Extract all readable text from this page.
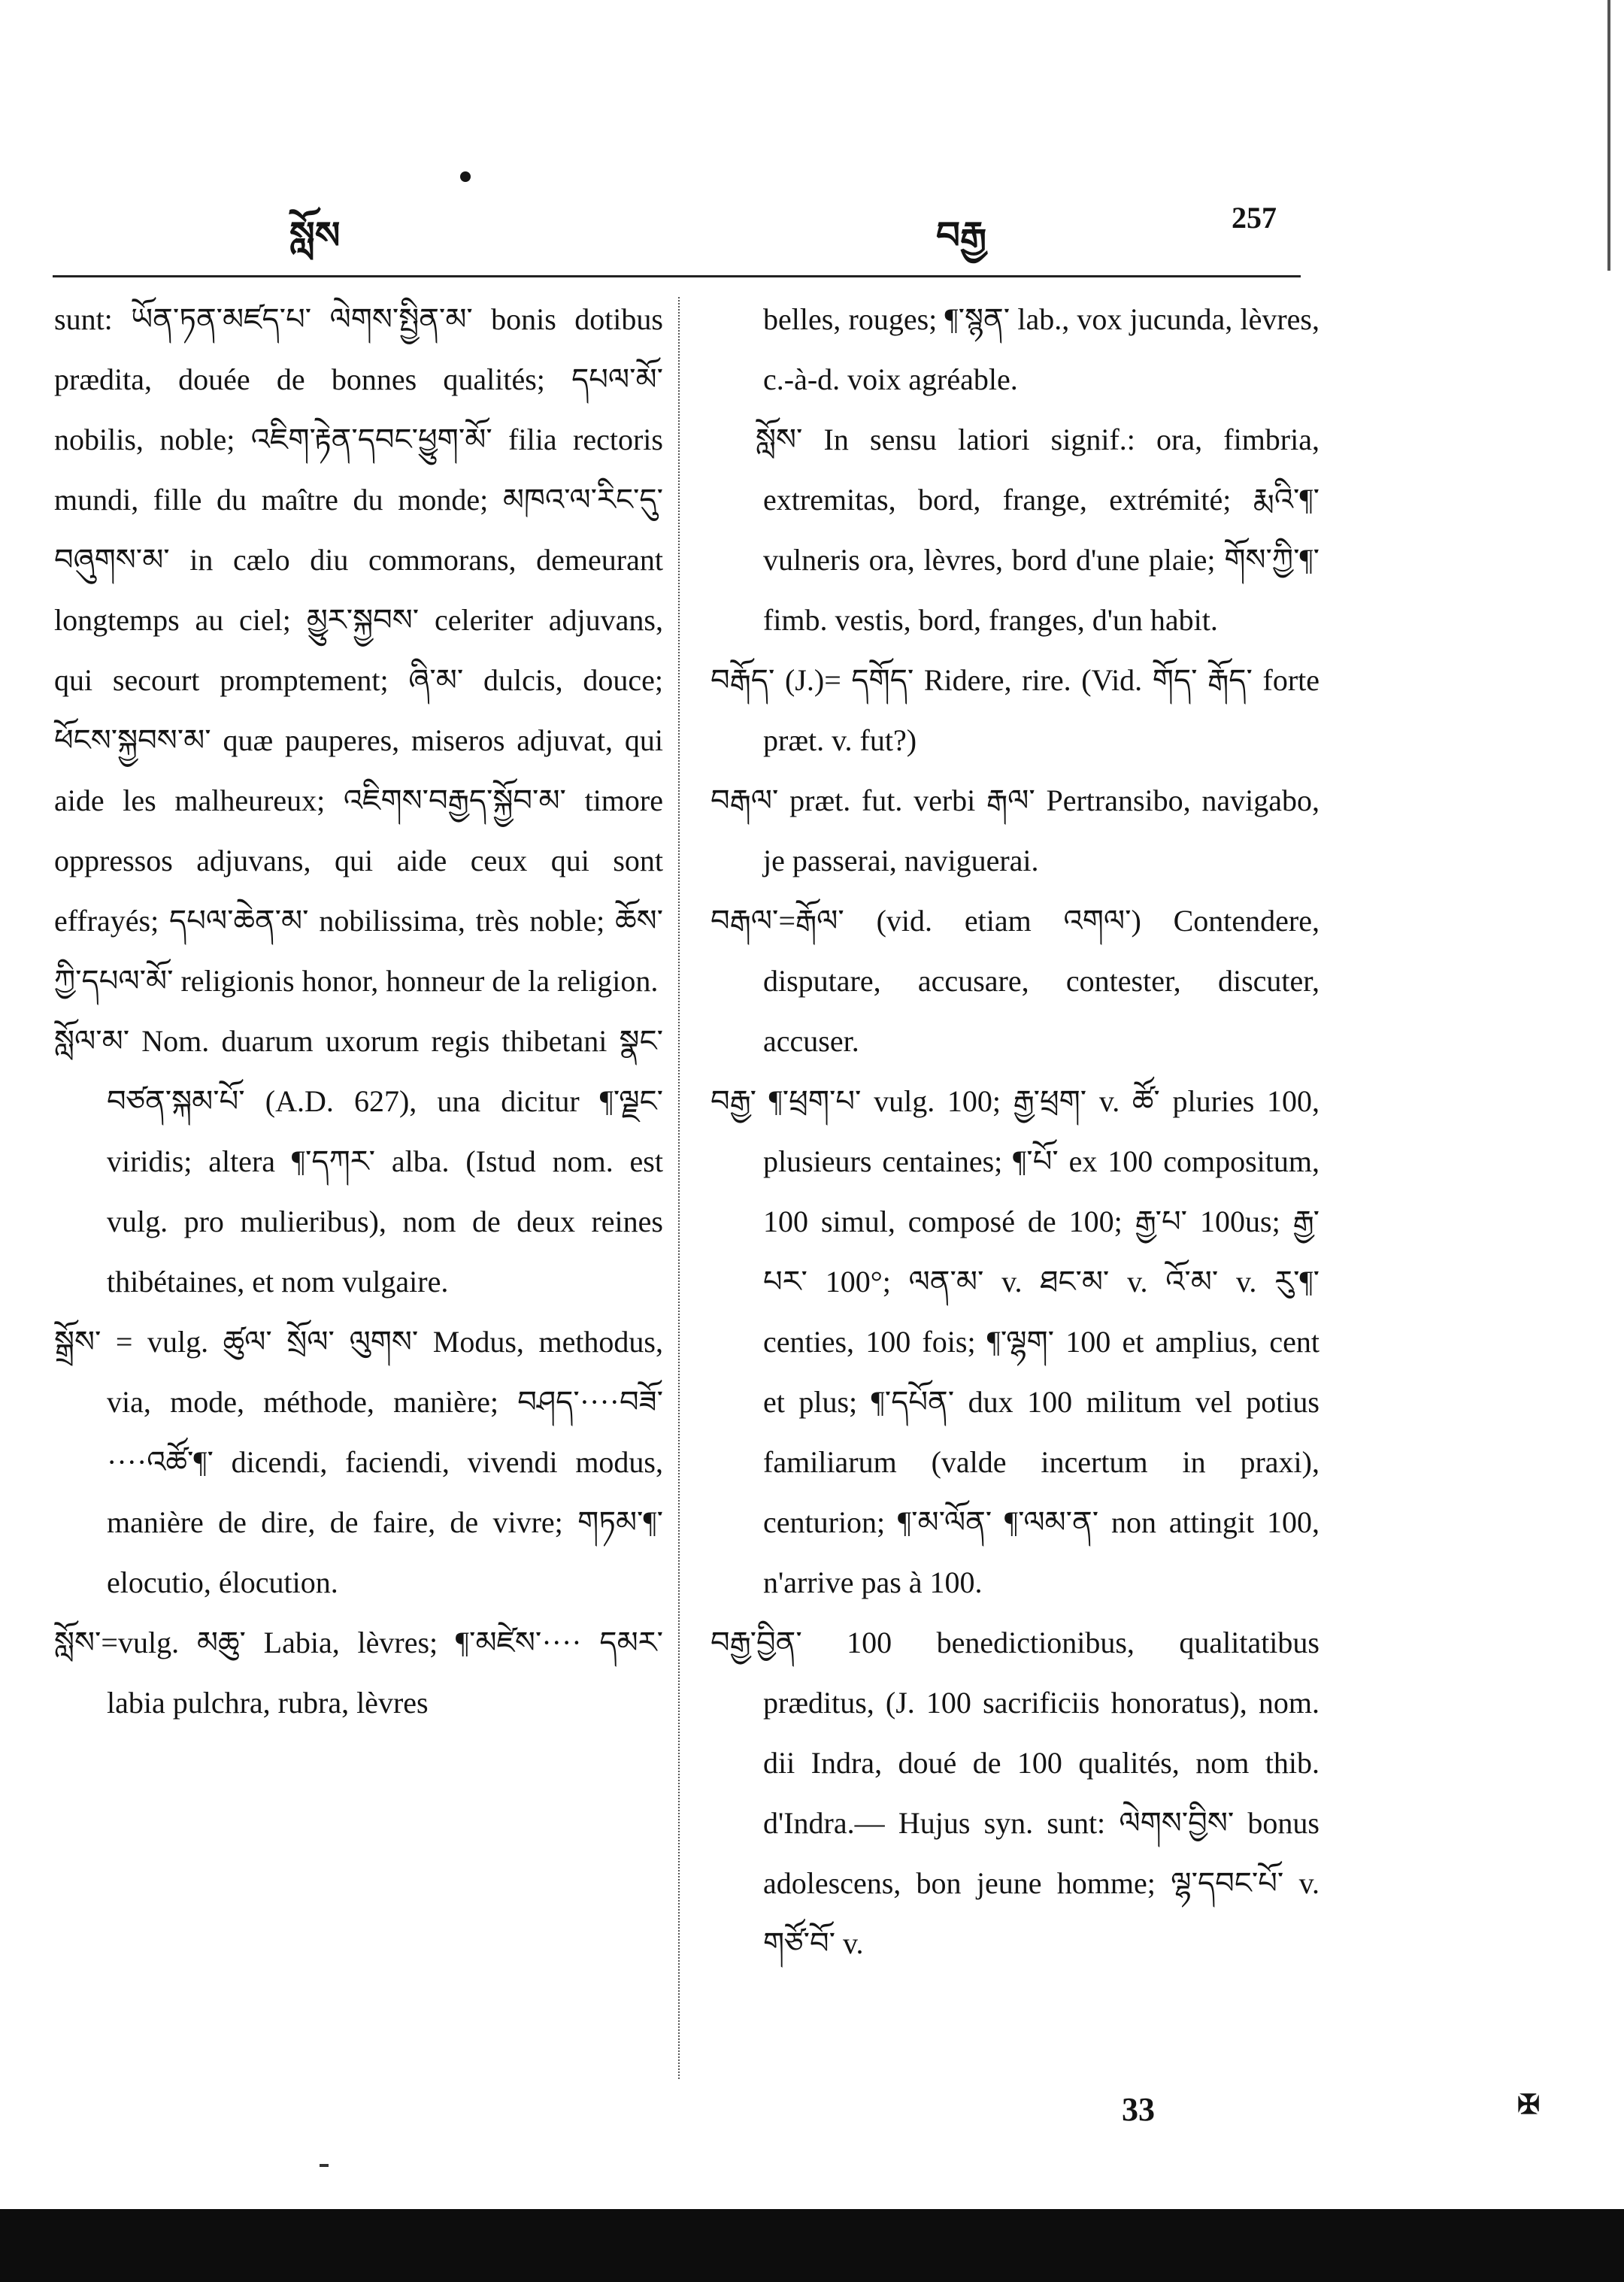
སློས	བརྒྱ	257

sunt: ཡོན་ཏན་མཛད་པ་ ལེགས་སྤྱིན་མ་ bonis dotibus prædita, douée de bonnes qualités; དཔལ་མོ་ nobilis, noble; འཇིག་རྟེན་དབང་ཕྱུག་མོ་ filia rectoris mundi, fille du maître du monde; མཁའ་ལ་རིང་དུ་བཞུགས་མ་ in cælo diu commorans, demeurant longtemps au ciel; མྱུར་སྐྱབས་ celeriter adjuvans, qui secourt promptement; ཞི་མ་ dulcis, douce; ཕོངས་སྐྱབས་མ་ quæ pauperes, miseros adjuvat, qui aide les malheureux; འཇིགས་བརྒྱད་སྐྱོབ་མ་ timore oppressos adjuvans, qui aide ceux qui sont effrayés; དཔལ་ཆེན་མ་ nobilissima, très noble; ཆོས་ཀྱི་དཔལ་མོ་ religionis honor, honneur de la religion.

སློལ་མ་ Nom. duarum uxorum regis thibetani སྣང་བཙན་སྐམ་པོ་ (A.D. 627), una dicitur ¶་ལྗང་ viridis; altera ¶་དཀར་ alba. (Istud nom. est vulg. pro mulieribus), nom de deux reines thibétaines, et nom vulgaire.

སྒྲོས་ = vulg. ཚུལ་ སྲོལ་ ལུགས་ Modus, methodus, via, mode, méthode, manière; བཤད་····བཟོ་····འཚོ་¶་ dicendi, faciendi, vivendi modus, manière de dire, de faire, de vivre; གཏམ་¶་ elocutio, élocution.

སློས་=vulg. མཆུ་ Labia, lèvres; ¶་མཛེས་···· དམར་ labia pulchra, rubra, lèvres

belles, rouges; ¶་སྙན་ lab., vox jucunda, lèvres, c.-à-d. voix agréable.

སློས་ In sensu latiori signif.: ora, fimbria, extremitas, bord, frange, extrémité; རྨའི་¶་ vulneris ora, lèvres, bord d'une plaie; གོས་ཀྱི་¶་ fimb. vestis, bord, franges, d'un habit.

བརྒོད་ (J.)= དགོད་ Ridere, rire. (Vid. གོད་ རྒོད་ forte præt. v. fut?)

བརྒལ་ præt. fut. verbi རྒལ་ Pertransibo, navigabo, je passerai, naviguerai.

བརྒལ་=རྒོལ་ (vid. etiam འགལ་) Contendere, disputare, accusare, contester, discuter, accuser.

བརྒྱ་ ¶་ཕྲག་པ་ vulg. 100; རྒྱ་ཕྲག་ v. ཚོ་ pluries 100, plusieurs centaines; ¶་པོ་ ex 100 compositum, 100 simul, composé de 100; རྒྱ་པ་ 100us; རྒྱ་པར་ 100°; ལན་མ་ v. ཐང་མ་ v. འོ་མ་ v. རུ་¶་ centies, 100 fois; ¶་ལྷག་ 100 et amplius, cent et plus; ¶་དཔོན་ dux 100 militum vel potius familiarum (valde incertum in praxi), centurion; ¶་མ་ལོན་ ¶་ལམ་ན་ non attingit 100, n'arrive pas à 100.

བརྒྱ་བྱིན་ 100 benedictionibus, qualitatibus præditus, (J. 100 sacrificiis honoratus), nom. dii Indra, doué de 100 qualités, nom thib. d'Indra.— Hujus syn. sunt: ལེགས་བྱིས་ bonus adolescens, bon jeune homme; ལྷ་དབང་པོ་ v. གཙོ་བོ་ v.

33	✠
